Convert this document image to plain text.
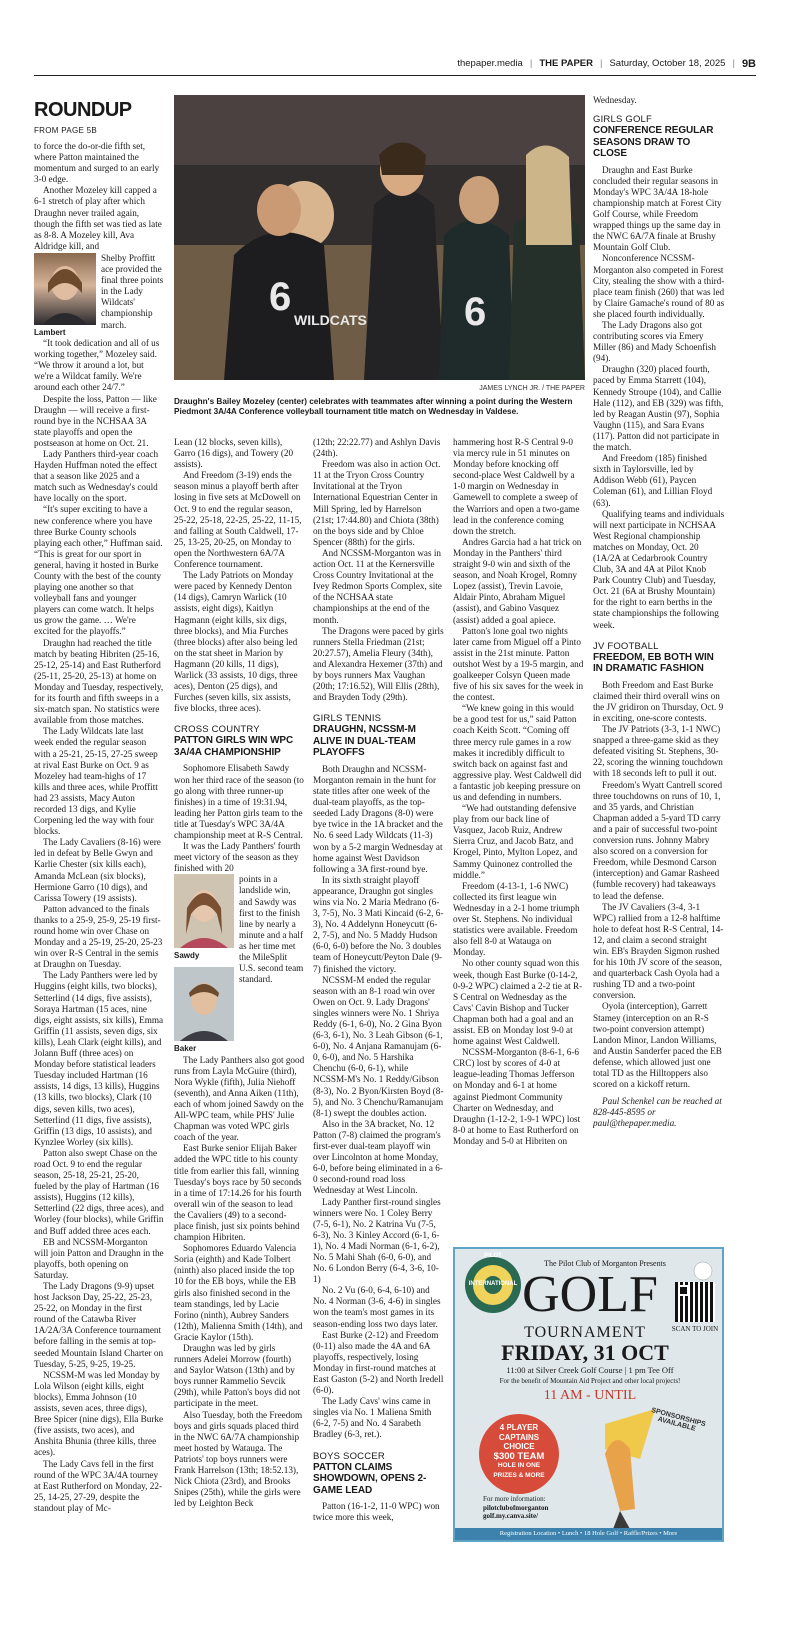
thepaper.media | THE PAPER | Saturday, October 18, 2025 | 9B
ROUNDUP
FROM PAGE 5B
6
WILDCATS 6
JAMES LYNCH JR. / THE PAPER
Draughn's Bailey Mozeley (center) celebrates with teammates after winning a point during the Western Piedmont 3A/4A Conference volleyball tournament title match on Wednesday in Valdese.

to force the do-or-die fifth set, where Patton maintained the momentum and surged to an early 3-0 edge.

Another Mozeley kill capped a 6-1 stretch of play after which Draughn never trailed again, though the fifth set was tied as late as 8-8. A Mozeley kill, Ava Aldridge kill, and

Lambert

Shelby Proffitt ace provided the final three points in the Lady Wildcats' championship march.

“It took dedication and all of us working together,” Mozeley said. “We throw it around a lot, but we're a Wildcat family. We're around each other 24/7.”

Despite the loss, Patton — like Draughn — will receive a first-round bye in the NCHSAA 3A state playoffs and open the postseason at home on Oct. 21.

Lady Panthers third-year coach Hayden Huffman noted the effect that a season like 2025 and a match such as Wednesday's could have locally on the sport.

“It's super exciting to have a new conference where you have three Burke County schools playing each other,” Huffman said. “This is great for our sport in general, having it hosted in Burke County with the best of the county playing one another so that volleyball fans and younger players can come watch. It helps us grow the game. … We're excited for the playoffs.”

Draughn had reached the title match by beating Hibriten (25-16, 25-12, 25-14) and East Rutherford (25-11, 25-20, 25-13) at home on Monday and Tuesday, respectively, for its fourth and fifth sweeps in a six-match span. No statistics were available from those matches.

The Lady Wildcats late last week ended the regular season with a 25-21, 25-15, 27-25 sweep at rival East Burke on Oct. 9 as Mozeley had team-highs of 17 kills and three aces, while Proffitt had 23 assists, Macy Auton recorded 13 digs, and Kylie Corpening led the way with four blocks.

The Lady Cavaliers (8-16) were led in defeat by Belle Gwyn and Karlie Chester (six kills each), Amanda McLean (six blocks), Hermione Garro (10 digs), and Carissa Towery (19 assists).

Patton advanced to the finals thanks to a 25-9, 25-9, 25-19 first-round home win over Chase on Monday and a 25-19, 25-20, 25-23 win over R-S Central in the semis at Draughn on Tuesday.

The Lady Panthers were led by Huggins (eight kills, two blocks), Setterlind (14 digs, five assists), Soraya Hartman (15 aces, nine digs, eight assists, six kills), Emma Griffin (11 assists, seven digs, six kills), Leah Clark (eight kills), and Jolann Buff (three aces) on Monday before statistical leaders Tuesday included Hartman (16 assists, 14 digs, 13 kills), Huggins (13 kills, two blocks), Clark (10 digs, seven kills, two aces), Setterlind (11 digs, five assists), Griffin (13 digs, 10 assists), and Kynzlee Worley (six kills).

Patton also swept Chase on the road Oct. 9 to end the regular season, 25-18, 25-21, 25-20, fueled by the play of Hartman (16 assists), Huggins (12 kills), Setterlind (22 digs, three aces), and Worley (four blocks), while Griffin and Buff added three aces each.

EB and NCSSM-Morganton will join Patton and Draughn in the playoffs, both opening on Saturday.

The Lady Dragons (9-9) upset host Jackson Day, 25-22, 25-23, 25-22, on Monday in the first round of the Catawba River 1A/2A/3A Conference tournament before falling in the semis at top-seeded Mountain Island Charter on Tuesday, 5-25, 9-25, 19-25.

NCSSM-M was led Monday by Lola Wilson (eight kills, eight blocks), Emma Johnson (10 assists, seven aces, three digs), Bree Spicer (nine digs), Ella Burke (five assists, two aces), and Anshita Bhunia (three kills, three aces).

The Lady Cavs fell in the first round of the WPC 3A/4A tourney at East Rutherford on Monday, 22-25, 14-25, 27-29, despite the standout play of Mc-

Lean (12 blocks, seven kills), Garro (16 digs), and Towery (20 assists).

And Freedom (3-19) ends the season minus a playoff berth after losing in five sets at McDowell on Oct. 9 to end the regular season, 25-22, 25-18, 22-25, 25-22, 11-15, and falling at South Caldwell, 17-25, 13-25, 20-25, on Monday to open the Northwestern 6A/7A Conference tournament.

The Lady Patriots on Monday were paced by Kennedy Denton (14 digs), Camryn Warlick (10 assists, eight digs), Kaitlyn Hagmann (eight kills, six digs, three blocks), and Mia Furches (three blocks) after also being led on the stat sheet in Marion by Hagmann (20 kills, 11 digs), Warlick (33 assists, 10 digs, three aces), Denton (25 digs), and Furches (seven kills, six assists, five blocks, three aces).

CROSS COUNTRY
PATTON GIRLS WIN WPC 3A/4A CHAMPIONSHIP

Sophomore Elisabeth Sawdy won her third race of the season (to go along with three runner-up finishes) in a time of 19:31.94, leading her Patton girls team to the title at Tuesday's WPC 3A/4A championship meet at R-S Central.

It was the Lady Panthers' fourth meet victory of the season as they finished with 20

Sawdy
Baker

points in a landslide win, and Sawdy was first to the finish line by nearly a minute and a half as her time met the MileSplit U.S. second team standard.

The Lady Panthers also got good runs from Layla McGuire (third), Nora Wykle (fifth), Julia Niehoff (seventh), and Anna Aiken (11th), each of whom joined Sawdy on the All-WPC team, while PHS' Julie Chapman was voted WPC girls coach of the year.

East Burke senior Elijah Baker added the WPC title to his county title from earlier this fall, winning Tuesday's boys race by 50 seconds in a time of 17:14.26 for his fourth overall win of the season to lead the Cavaliers (49) to a second-place finish, just six points behind champion Hibriten.

Sophomores Eduardo Valencia Soria (eighth) and Kade Tolbert (ninth) also placed inside the top 10 for the EB boys, while the EB girls also finished second in the team standings, led by Lacie Forino (ninth), Aubrey Sanders (12th), Malienna Smith (14th), and Gracie Kaylor (15th).

Draughn was led by girls runners Adelei Morrow (fourth) and Saylor Watson (13th) and by boys runner Rammelio Sevcik (29th), while Patton's boys did not participate in the meet.

Also Tuesday, both the Freedom boys and girls squads placed third in the NWC 6A/7A championship meet hosted by Watauga. The Patriots' top boys runners were Frank Harrelson (13th; 18:52.13), Nick Chiota (23rd), and Brooks Snipes (25th), while the girls were led by Leighton Beck

(12th; 22:22.77) and Ashlyn Davis (24th).

Freedom was also in action Oct. 11 at the Tryon Cross Country Invitational at the Tryon International Equestrian Center in Mill Spring, led by Harrelson (21st; 17:44.80) and Chiota (38th) on the boys side and by Chloe Spencer (88th) for the girls.

And NCSSM-Morganton was in action Oct. 11 at the Kernersville Cross Country Invitational at the Ivey Redmon Sports Complex, site of the NCHSAA state championships at the end of the month.

The Dragons were paced by girls runners Stella Friedman (21st; 20:27.57), Amelia Fleury (34th), and Alexandra Hexemer (37th) and by boys runners Max Vaughan (20th; 17:16.52), Will Ellis (28th), and Brayden Tody (29th).

GIRLS TENNIS
DRAUGHN, NCSSM-M ALIVE IN DUAL-TEAM PLAYOFFS

Both Draughn and NCSSM-Morganton remain in the hunt for state titles after one week of the dual-team playoffs, as the top-seeded Lady Dragons (8-0) were bye twice in the 1A bracket and the No. 6 seed Lady Wildcats (11-3) won by a 5-2 margin Wednesday at home against West Davidson following a 3A first-round bye.

In its sixth straight playoff appearance, Draughn got singles wins via No. 2 Maria Medrano (6-3, 7-5), No. 3 Mati Kincaid (6-2, 6-3), No. 4 Addelynn Honeycutt (6-2, 7-5), and No. 5 Maddy Hudson (6-0, 6-0) before the No. 3 doubles team of Honeycutt/Peyton Dale (9-7) finished the victory.

NCSSM-M ended the regular season with an 8-1 road win over Owen on Oct. 9. Lady Dragons' singles winners were No. 1 Shriya Reddy (6-1, 6-0), No. 2 Gina Byon (6-3, 6-1), No. 3 Leah Gibson (6-1, 6-0), No. 4 Anjana Ramanujam (6-0, 6-0), and No. 5 Harshika Chenchu (6-0, 6-1), while NCSSM-M's No. 1 Reddy/Gibson (8-3), No. 2 Byon/Kirsten Boyd (8-5), and No. 3 Chenchu/Ramanujam (8-1) swept the doubles action.

Also in the 3A bracket, No. 12 Patton (7-8) claimed the program's first-ever dual-team playoff win over Lincolnton at home Monday, 6-0, before being eliminated in a 6-0 second-round road loss Wednesday at West Lincoln.

Lady Panther first-round singles winners were No. 1 Coley Berry (7-5, 6-1), No. 2 Katrina Vu (7-5, 6-3), No. 3 Kinley Accord (6-1, 6-1), No. 4 Madi Norman (6-1, 6-2), No. 5 Mahi Shah (6-0, 6-0), and No. 6 London Berry (6-4, 3-6, 10-1)

No. 2 Vu (6-0, 6-4, 6-10) and No. 4 Norman (3-6, 4-6) in singles won the team's most games in its season-ending loss two days later.

East Burke (2-12) and Freedom (0-11) also made the 4A and 6A playoffs, respectively, losing Monday in first-round matches at East Gaston (5-2) and North Iredell (6-0).

The Lady Cavs' wins came in singles via No. 1 Maliena Smith (6-2, 7-5) and No. 4 Sarabeth Bradley (6-3, ret.).

BOYS SOCCER
PATTON CLAIMS SHOWDOWN, OPENS 2-GAME LEAD

Patton (16-1-2, 11-0 WPC) won twice more this week,

hammering host R-S Central 9-0 via mercy rule in 51 minutes on Monday before knocking off second-place West Caldwell by a 1-0 margin on Wednesday in Gamewell to complete a sweep of the Warriors and open a two-game lead in the conference coming down the stretch.

Andres Garcia had a hat trick on Monday in the Panthers' third straight 9-0 win and sixth of the season, and Noah Krogel, Romny Lopez (assist), Trevin Lavoie, Aldair Pinto, Abraham Miguel (assist), and Gabino Vasquez (assist) added a goal apiece.

Patton's lone goal two nights later came from Miguel off a Pinto assist in the 21st minute. Patton outshot West by a 19-5 margin, and goalkeeper Colsyn Queen made five of his six saves for the week in the contest.

“We knew going in this would be a good test for us,” said Patton coach Keith Scott. “Coming off three mercy rule games in a row makes it incredibly difficult to switch back on against fast and aggressive play. West Caldwell did a fantastic job keeping pressure on us and defending in numbers.

“We had outstanding defensive play from our back line of Vasquez, Jacob Ruiz, Andrew Sierra Cruz, and Jacob Batz, and Krogel, Pinto, Mylton Lopez, and Sammy Quinonez controlled the middle.”

Freedom (4-13-1, 1-6 NWC) collected its first league win Wednesday in a 2-1 home triumph over St. Stephens. No individual statistics were available. Freedom also fell 8-0 at Watauga on Monday.

No other county squad won this week, though East Burke (0-14-2, 0-9-2 WPC) claimed a 2-2 tie at R-S Central on Wednesday as the Cavs' Cavin Bishop and Tucker Chapman both had a goal and an assist. EB on Monday lost 9-0 at home against West Caldwell.

NCSSM-Morganton (8-6-1, 6-6 CRC) lost by scores of 4-0 at league-leading Thomas Jefferson on Monday and 6-1 at home against Piedmont Community Charter on Wednesday, and Draughn (1-12-2, 1-9-1 WPC) lost 8-0 at home to East Rutherford on Monday and 5-0 at Hibriten on

Wednesday.

GIRLS GOLF
CONFERENCE REGULAR SEASONS DRAW TO CLOSE

Draughn and East Burke concluded their regular seasons in Monday's WPC 3A/4A 18-hole championship match at Forest City Golf Course, while Freedom wrapped things up the same day in the NWC 6A/7A finale at Brushy Mountain Golf Club.

Nonconference NCSSM-Morganton also competed in Forest City, stealing the show with a third-place team finish (260) that was led by Claire Gamache's round of 80 as she placed fourth individually.

The Lady Dragons also got contributing scores via Emery Miller (86) and Mady Schoenfish (94).

Draughn (320) placed fourth, paced by Emma Starrett (104), Kennedy Stroupe (104), and Callie Hale (112), and EB (329) was fifth, led by Reagan Austin (97), Sophia Vaughn (115), and Sara Evans (117). Patton did not participate in the match.

And Freedom (185) finished sixth in Taylorsville, led by Addison Webb (61), Paycen Coleman (61), and Lillian Floyd (63).

Qualifying teams and individuals will next participate in NCHSAA West Regional championship matches on Monday, Oct. 20 (1A/2A at Cedarbrook Country Club, 3A and 4A at Pilot Knob Park Country Club) and Tuesday, Oct. 21 (6A at Brushy Mountain) for the right to earn berths in the state championships the following week.

JV FOOTBALL
FREEDOM, EB BOTH WIN IN DRAMATIC FASHION

Both Freedom and East Burke claimed their third overall wins on the JV gridiron on Thursday, Oct. 9 in exciting, one-score contests.

The JV Patriots (3-3, 1-1 NWC) snapped a three-game skid as they defeated visiting St. Stephens, 30-22, scoring the winning touchdown with 18 seconds left to pull it out.

Freedom's Wyatt Cantrell scored three touchdowns on runs of 10, 1, and 35 yards, and Christian Chapman added a 5-yard TD carry and a pair of successful two-point conversion runs. Johnny Mabry also scored on a conversion for Freedom, while Desmond Carson (interception) and Gamar Rasheed (fumble recovery) had takeaways to lead the defense.

The JV Cavaliers (3-4, 3-1 WPC) rallied from a 12-8 halftime hole to defeat host R-S Central, 14-12, and claim a second straight win. EB's Brayden Sigmon rushed for his 10th JV score of the season, and quarterback Cash Oyola had a rushing TD and a two-point conversion.

Oyola (interception), Garrett Stamey (interception on an R-S two-point conversion attempt) Landon Minor, Landon Williams, and Austin Sanderfer paced the EB defense, which allowed just one total TD as the Hilltoppers also scored on a kickoff return.

Paul Schenkel can be reached at 828-445-8595 or paul@thepaper.media.

PILOT

INTERNATIONAL
The Pilot Club of Morganton Presents
GOLF
SCAN TO JOIN
TOURNAMENT
FRIDAY, 31 OCT
11:00 at Silver Creek Golf Course | 1 pm Tee Off
For the benefit of Mountain Aid Project and other local projects!
11 AM - UNTIL
4 PLAYER
CAPTAINS
CHOICE
$300 TEAM
HOLE IN ONE
PRIZES & MORE
SPONSORSHIPS AVAILABLE
For more information:
pilotclubofmorganton
golf.my.canva.site/
Registration Location • Lunch • 18 Hole Golf • Raffle/Prizes • More
